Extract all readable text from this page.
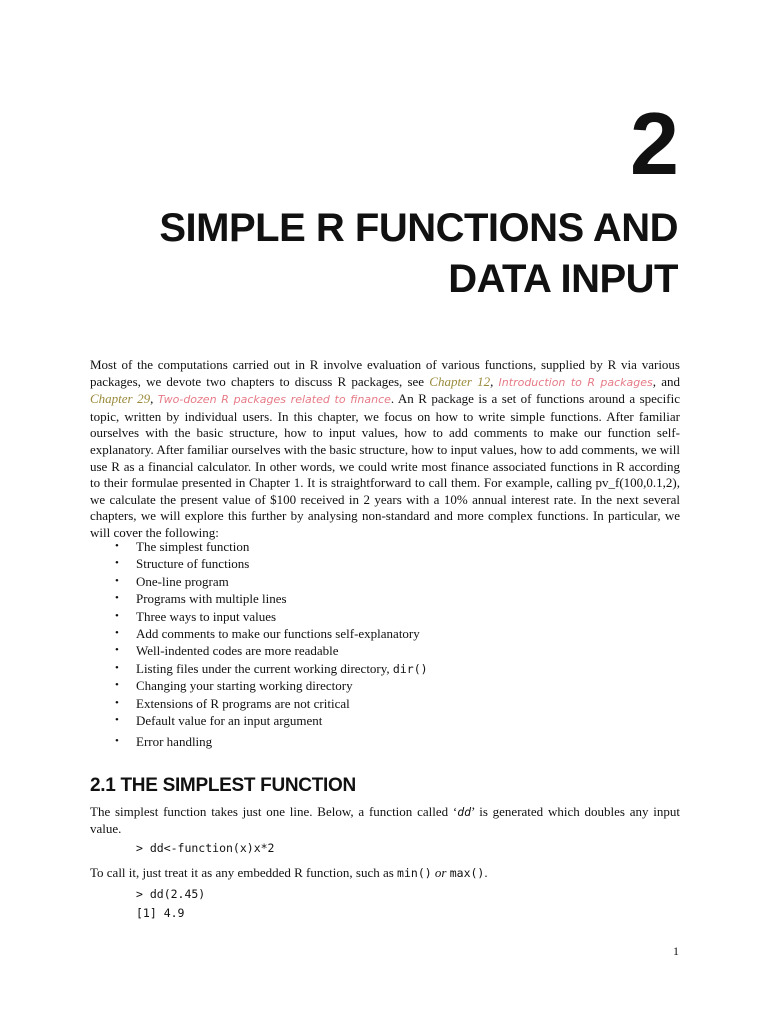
2
SIMPLE R FUNCTIONS AND
DATA INPUT

Most of the computations carried out in R involve evaluation of various functions, supplied by R via various packages, we devote two chapters to discuss R packages, see Chapter 12, Introduction to R packages, and Chapter 29, Two-dozen R packages related to finance. An R package is a set of functions around a specific topic, written by individual users. In this chapter, we focus on how to write simple functions. After familiar ourselves with the basic structure, how to input values, how to add comments to make our function self-explanatory. After familiar ourselves with the basic structure, how to input values, how to add comments, we will use R as a financial calculator. In other words, we could write most finance associated functions in R according to their formulae presented in Chapter 1. It is straightforward to call them. For example, calling pv_f(100,0.1,2), we calculate the present value of $100 received in 2 years with a 10% annual interest rate. In the next several chapters, we will explore this further by analysing non-standard and more complex functions. In particular, we will cover the following:

• The simplest function
• Structure of functions
• One-line program
• Programs with multiple lines
• Three ways to input values
• Add comments to make our functions self-explanatory
• Well-indented codes are more readable
• Listing files under the current working directory, dir()
• Changing your starting working directory
• Extensions of R programs are not critical
• Default value for an input argument
• Error handling
2.1 THE SIMPLEST FUNCTION

The simplest function takes just one line. Below, a function called ‘dd’ is generated which doubles any input value.

> dd<-function(x)x*2

To call it, just treat it as any embedded R function, such as min() or max().

> dd(2.45)
[1] 4.9
1
